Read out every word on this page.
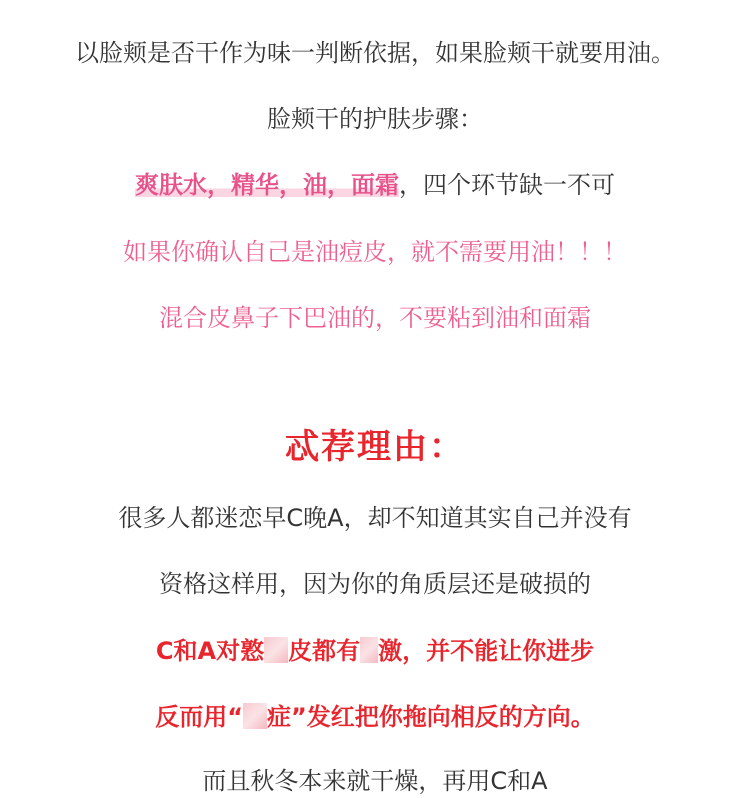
以脸颊是否干作为味一判断依据，如果脸颊干就要用油。
脸颊干的护肤步骤：
爽肤水，精华，油，面霜，四个环节缺一不可
如果你确认自己是油痘皮，就不需要用油！！！
混合皮鼻子下巴油的，不要粘到油和面霜
忒荐理由：
很多人都迷恋早C晚A，却不知道其实自己并没有
资格这样用，因为你的角质层还是破损的
C和A对憝 皮都有 激，并不能让你进步
反而用“ 症”发红把你拖向相反的方向。
而且秋冬本来就干燥，再用C和A
